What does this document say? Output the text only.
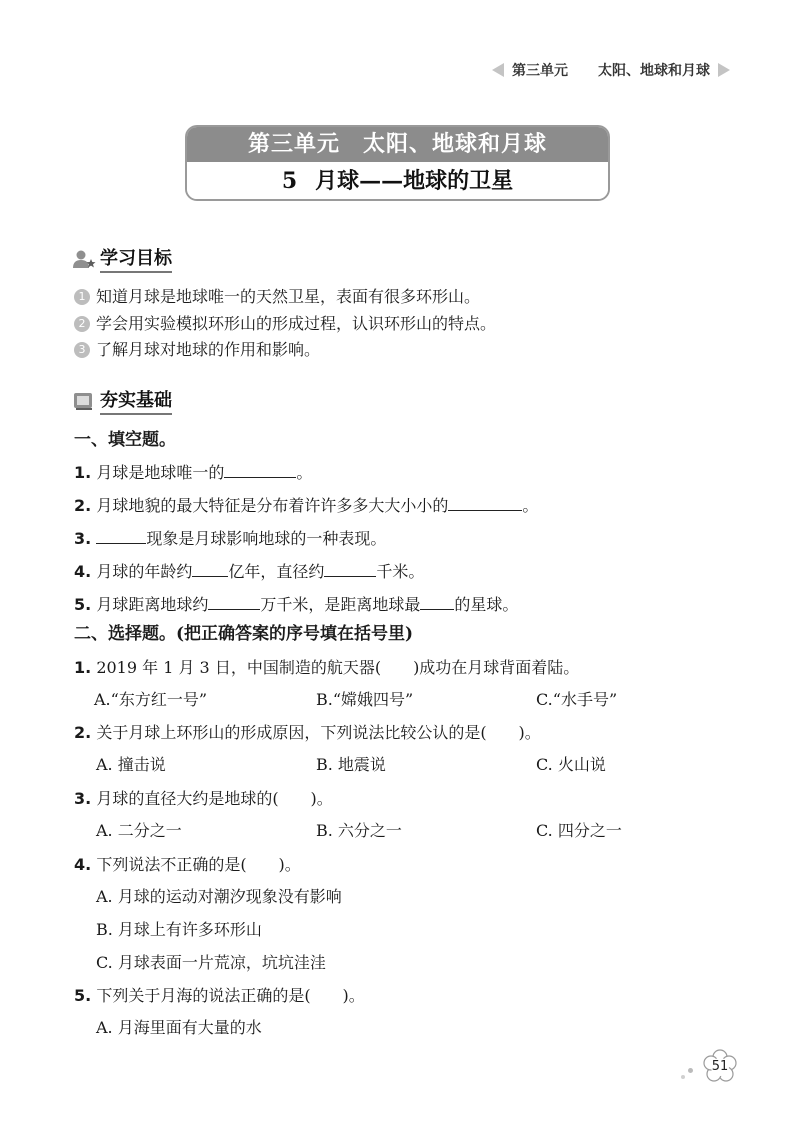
第三单元 太阳、地球和月球
第三单元　太阳、地球和月球
5 月球——地球的卫星
学习目标
1 知道月球是地球唯一的天然卫星，表面有很多环形山。
2 学会用实验模拟环形山的形成过程，认识环形山的特点。
3 了解月球对地球的作用和影响。
夯实基础
一、填空题。
1. 月球是地球唯一的	。
2. 月球地貌的最大特征是分布着许许多多大大小小的	。
3.	现象是月球影响地球的一种表现。
4. 月球的年龄约 亿年，直径约	千米。
5. 月球距离地球约	万千米，是距离地球最 的星球。
二、选择题。(把正确答案的序号填在括号里)
1. 2019 年 1 月 3 日，中国制造的航天器(　　)成功在月球背面着陆。
A.“东方红一号”	B.“嫦娥四号”	C.“水手号”
2. 关于月球上环形山的形成原因，下列说法比较公认的是(　　)。
A. 撞击说	B. 地震说	C. 火山说
3. 月球的直径大约是地球的(　　)。
A. 二分之一	B. 六分之一	C. 四分之一
4. 下列说法不正确的是(　　)。
A. 月球的运动对潮汐现象没有影响
B. 月球上有许多环形山
C. 月球表面一片荒凉，坑坑洼洼
5. 下列关于月海的说法正确的是(　　)。
A. 月海里面有大量的水
51
